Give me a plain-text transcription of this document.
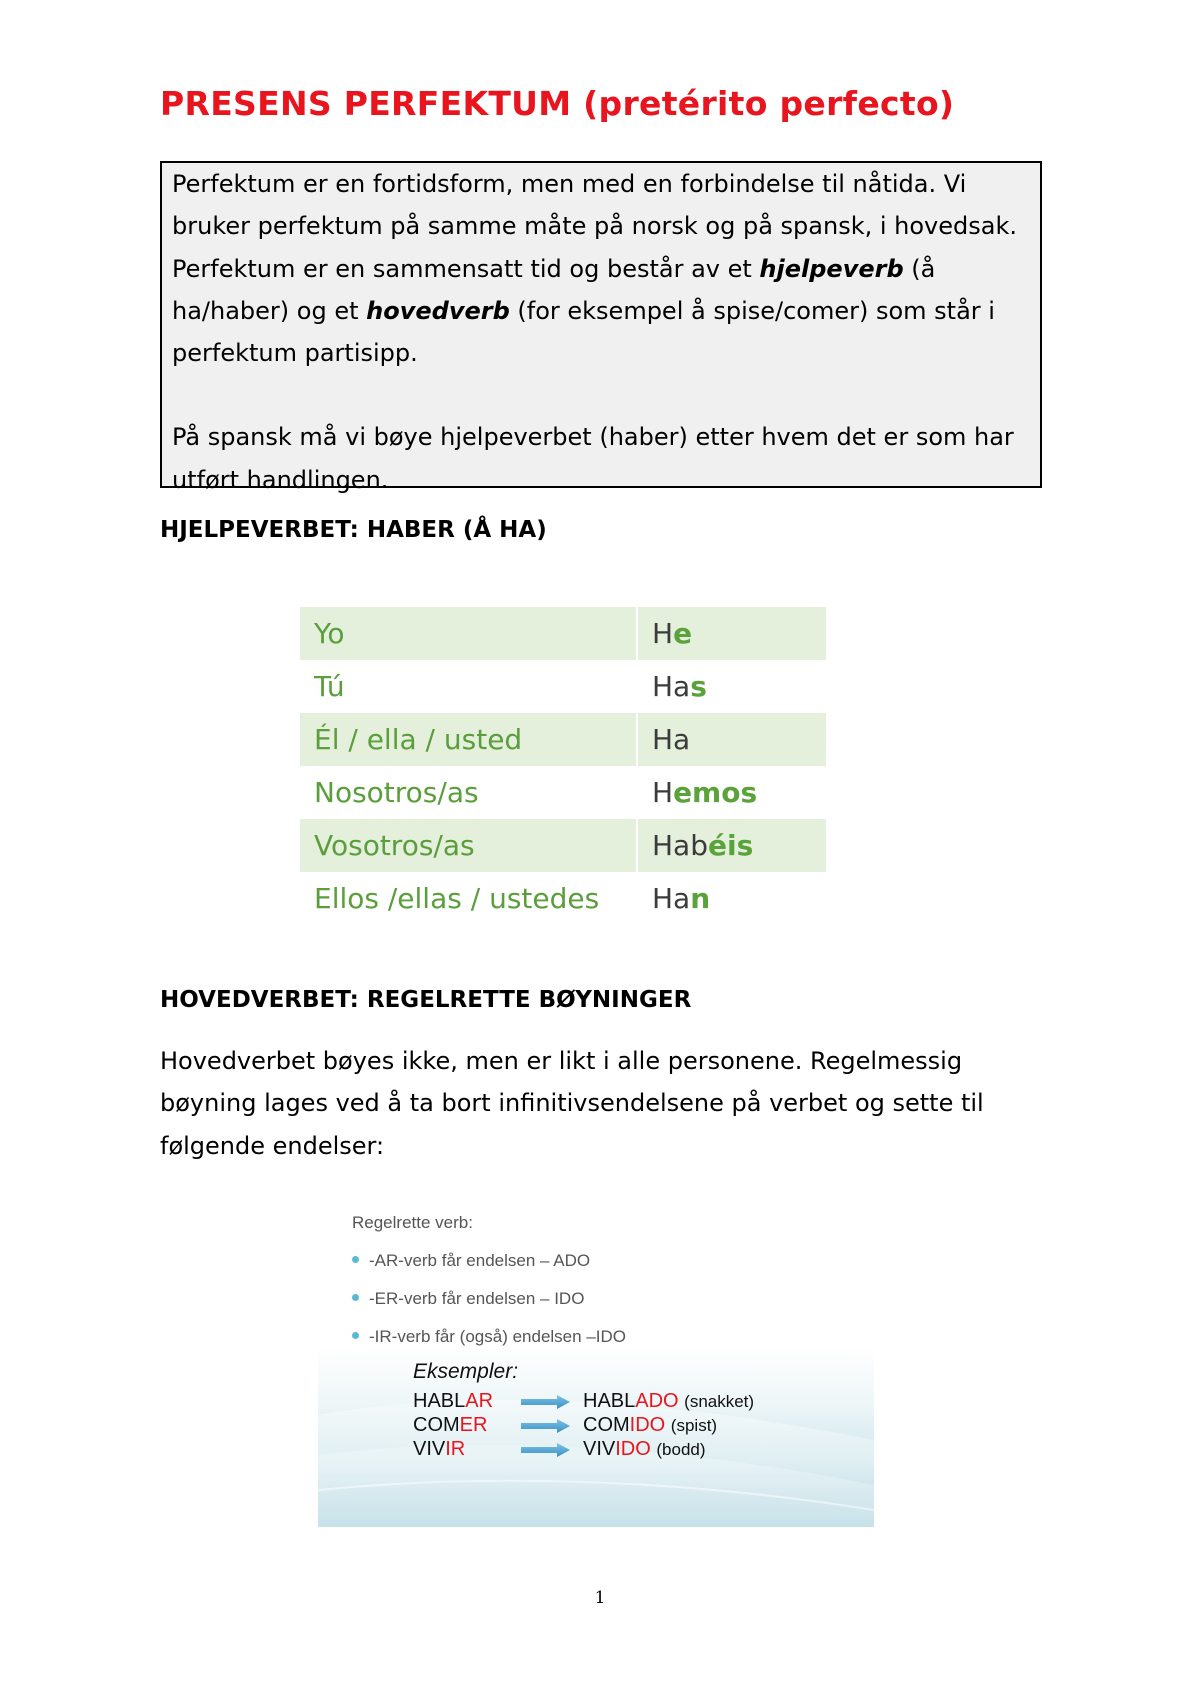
PRESENS PERFEKTUM (pretérito perfecto)

Perfektum er en fortidsform, men med en forbindelse til nåtida. Vi bruker perfektum på samme måte på norsk og på spansk, i hovedsak. Perfektum er en sammensatt tid og består av et hjelpeverb (å ha/haber) og et hovedverb (for eksempel å spise/comer) som står i perfektum partisipp.

På spansk må vi bøye hjelpeverbet (haber) etter hvem det er som har utført handlingen.

HJELPEVERBET: HABER (Å HA)
Yo	He
Tú	Has
Él / ella / usted	Ha
Nosotros/as	Hemos
Vosotros/as	Habéis
Ellos /ellas / ustedes	Han
HOVEDVERBET: REGELRETTE BØYNINGER

Hovedverbet bøyes ikke, men er likt i alle personene. Regelmessig bøyning lages ved å ta bort infinitivsendelsene på verbet og sette til følgende endelser:

Regelrette verb:
-AR-verb får endelsen – ADO
-ER-verb får endelsen – IDO
-IR-verb får (også) endelsen –IDO
Eksempler:
HABLAR	HABLADO (snakket)
COMER	COMIDO (spist)
VIVIR	VIVIDO (bodd)
1
